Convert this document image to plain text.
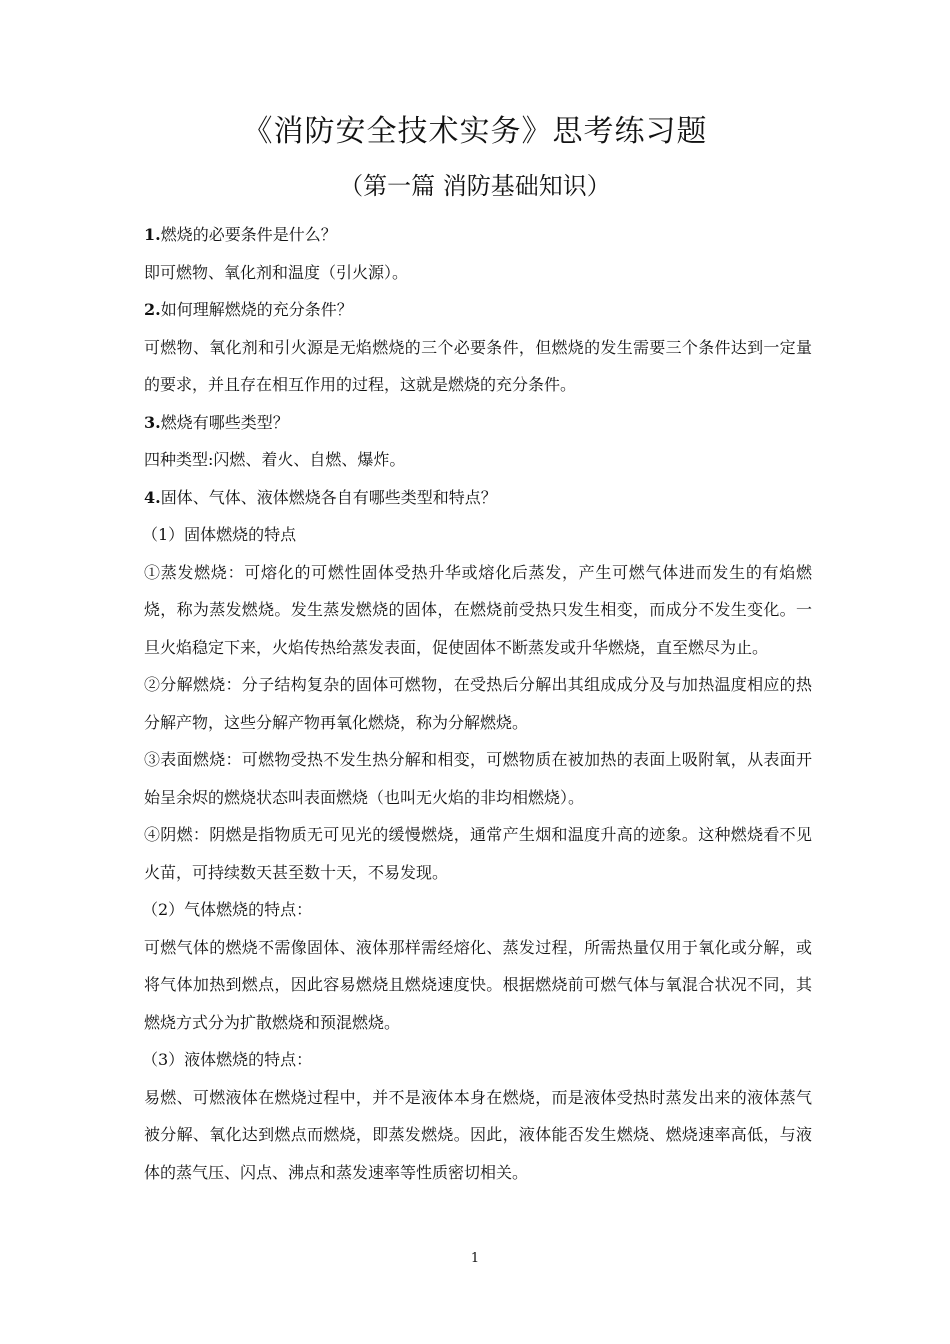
《消防安全技术实务》思考练习题
（第一篇 消防基础知识）

1.燃烧的必要条件是什么？

即可燃物、氧化剂和温度（引火源）。

2.如何理解燃烧的充分条件？

可燃物、氧化剂和引火源是无焰燃烧的三个必要条件，但燃烧的发生需要三个条件达到一定量的要求，并且存在相互作用的过程，这就是燃烧的充分条件。

3.燃烧有哪些类型？

四种类型:闪燃、着火、自燃、爆炸。

4.固体、气体、液体燃烧各自有哪些类型和特点？

（1）固体燃烧的特点

①蒸发燃烧：可熔化的可燃性固体受热升华或熔化后蒸发，产生可燃气体进而发生的有焰燃烧，称为蒸发燃烧。发生蒸发燃烧的固体，在燃烧前受热只发生相变，而成分不发生变化。一旦火焰稳定下来，火焰传热给蒸发表面，促使固体不断蒸发或升华燃烧，直至燃尽为止。

②分解燃烧：分子结构复杂的固体可燃物，在受热后分解出其组成成分及与加热温度相应的热分解产物，这些分解产物再氧化燃烧，称为分解燃烧。

③表面燃烧：可燃物受热不发生热分解和相变，可燃物质在被加热的表面上吸附氧，从表面开始呈余烬的燃烧状态叫表面燃烧（也叫无火焰的非均相燃烧）。

④阴燃：阴燃是指物质无可见光的缓慢燃烧，通常产生烟和温度升高的迹象。这种燃烧看不见火苗，可持续数天甚至数十天，不易发现。

（2）气体燃烧的特点：

可燃气体的燃烧不需像固体、液体那样需经熔化、蒸发过程，所需热量仅用于氧化或分解，或将气体加热到燃点，因此容易燃烧且燃烧速度快。根据燃烧前可燃气体与氧混合状况不同，其燃烧方式分为扩散燃烧和预混燃烧。

（3）液体燃烧的特点：

易燃、可燃液体在燃烧过程中，并不是液体本身在燃烧，而是液体受热时蒸发出来的液体蒸气被分解、氧化达到燃点而燃烧，即蒸发燃烧。因此，液体能否发生燃烧、燃烧速率高低，与液体的蒸气压、闪点、沸点和蒸发速率等性质密切相关。

1
